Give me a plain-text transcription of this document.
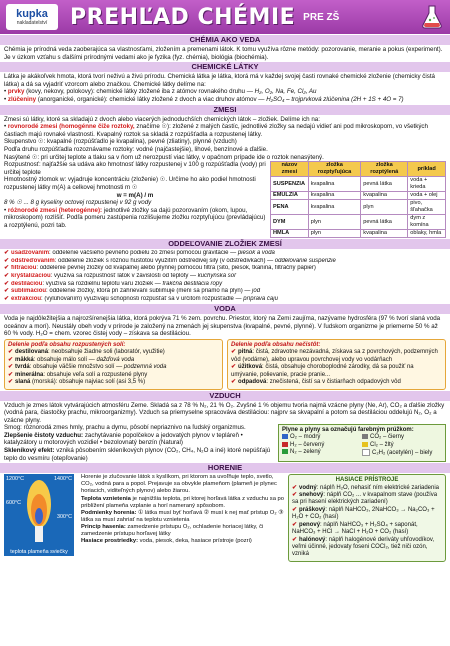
kupka
nakladatelství PREHĽAD CHÉMIE PRE ZŠ
CHÉMIA AKO VEDA

Chémia je prírodná veda zaoberajúca sa vlastnosťami, zložením a premenami látok. K tomu využíva rôzne metódy: pozorovanie, meranie a pokus (experiment). Je v úzkom vzťahu s ďalšími prírodnými vedami ako je fyzika (fyz. chémia), biológia (biochémia).

CHEMICKÉ LÁTKY

Látka je akákoľvek hmota, ktorá tvorí neživú a živú prírodu. Chemická látka je látka, ktorá má v každej svojej časti rovnaké chemické zloženie (chemicky čistá látka) a dá sa vyjadriť vzorcom alebo značkou. Chemické látky delíme na:

• prvky (kovy, nekovy, polokovy): chemické látky zložené iba z atómov rovnakého druhu — H₂, O₂, Na, Fe, Cl₂, Au

• zlúčeniny (anorganické, organické): chemické látky zložené z dvoch a viac druhov atómov — H₂SO₄ – trojprvková zlúčenina (2H + 1S + 4O = 7)

ZMESI

Zmesi sú látky, ktoré sa skladajú z dvoch alebo viacerých jednoduchších chemických látok – zložiek. Delíme ich na:

• rovnorodé zmesi (homogénne čiže roztoky, značíme ☉): zložené z malých častíc, jednotlivé zložky sa nedajú vidieť ani pod mikroskopom, vo všetkých častiach majú rovnaké vlastnosti. Kvapalný roztok sa skladá z rozpúšťadla a rozpustenej látky.

Skupenstvo ☉: kvapalné (rozpúšťadlo je kvapalina), pevné (zliatiny), plynné (vzduch)

Podľa druhu rozpúšťadla rozoznávame roztoky: vodné (najčastejšie), lihové, benzínové a ďalšie.

Nasýtené ☉: pri určitej teplote a tlaku sa v ňom už nerozpustí viac látky, v opačnom prípade ide o roztok nenasýtený.

Rozpustnosť: najťažšie sa udáva ako hmotnosť látky rozpustenej v 100 g rozpúšťadla (vody) pri určitej teplote

Hmotnostný zlomok w: vyjadruje koncentráciu (zloženie) ☉. Určíme ho ako podiel hmotnosti rozpustenej látky m(A) a celkovej hmotnosti m ☉

w = m(A) / m

8 % ☉ ... 8 g kyseliny octovej rozpustenej v 92 g vody

• różnorodé zmesi (heterogénne): jednotlivé zložky sa dajú pozorovaním (okom, lupou, mikroskopom) rozlíšiť. Podľa pomeru zastúpenia rozlišujeme zložku rozptyľujúcu (prevládajúcu) a rozptýlenú, pozri tab.

názov zmesi	zložka rozptyľujúca	zložka rozptýlená	príklad
SUSPENZIA	kvapalina	pevná látka	voda + krieda
EMULZIA	kvapalina	kvapalina	voda + olej
PENA	kvapalina	plyn	pivo, šľahačka
DYM	plyn	pevná látka	dym z komína
HMLA	plyn	kvapalina	oblaky, hmla
ODDEĽOVANIE ZLOŽIEK ZMESÍ
✔ usadzovaním: oddelenie väčšieho pevného podielu zo zmesi pomocou gravitácie — piesok a voda
✔ odstreďovaním: oddelenie zložiek s rôznou hustotou využitím odstredivej sily (v odstredivkách) — oddelovanie suspenzie
✔ filtráciou: oddelenie pevnej zložky od kvapalnej alebo plynnej pomocou filtra (sito, piesok, tkanina, filtračný papier)
✔ kryštalizáciou: využíva sa rozpustnosť látok v závislosti od teploty — kuchynská soľ
✔ destiláciou: využíva sa rozdielnu teplotu varu zložiek — frakčná destilácia ropy
✔ sublimáciou: oddelenie zložky, ktorá pri zahrievaní sublimuje (mení sa priamo na plyn) — jód
✔ extrakciou: (vylúhovaním) využívajú schopnosti rozpúšťať sa v určitom rozpúšťadle — príprava čaju
VODA

Voda je najdôležitejšia a najrozšírenejšia látka, ktorá pokrýva 71 % zem. povrchu. Priestor, ktorý na Zemi zaujíma, nazývame hydrosféra (97 % tvorí slaná voda oceánov a morí). Neustály obeh vody v prírode je založený na zmenách jej skupenstva (kvapalné, pevné, plynné). V ľudskom organizme je priemerne 50 % až 60 % vody. H₂O = chem. vzorec čistej vody – získava sa destiláciou.

Delenie podľa obsahu rozpustených solí:
✔ destilovaná: neobsahuje žiadne soli (laboratór, využitie)
✔ mäkká: obsahuje málo solí — dažďová voda
✔ tvrdá: obsahuje väčšie množstvo solí — podzemná voda
✔ minerálna: obsahuje veľa solí a rozpustené plyny
✔ slaná (morská): obsahuje najviac solí (asi 3,5 %)
Delenie podľa obsahu nečistôt:
✔ pitná: čistá, zdravotne nezávadná, získava sa z povrchových, podzemných vôd (vodárne), alebo upravou povrchovej vody vo vodárňach
✔ úžitková: čistá, obsahuje choroboplodné zárodky, dá sa použiť na umývanie, polievanie, pracie pranie...
✔ odpadová: znečistená, čistí sa v čistiarňach odpadových vôd
VZDUCH

Vzduch je zmes látok vytvárajúcich atmosféru Zeme. Skladá sa z 78 % N₂, 21 % O₂. Zvyšné 1 % objemu tvoria najmä vzácne plyny (Ne, Ar), CO₂ a ďalšie zložky (vodná para, čiastočky prachu, mikroorganizmy). Vzduch sa priemyselne spracováva destiláciou: najprv sa skvapalní a potom sa destiláciou oddelujú N₂, O₂ a vzácne plyny.

Smog: rôznorodá zmes hmly, prachu a dymu, pôsobí nepriaznivo na ľudský organizmus.

Zlepšenie čistoty vzduchu: zachytávanie popolčekov a jedovatých plynov v tepláreň • katalyzátory u motorových vozidiel • bezolovnatý benzín (Natural)

Skleníkový efekt: vzniká pôsobením skleníkových plynov (CO₂, CH₄, N₂O a iné) ktoré nepúšťajú teplo do vesmíru (otepľovanie)

Plyne a plyny sa označujú farebným prúžkom:
O₂ – modrý	CO₂ – čierny
H₂ – červený	Cl₂ – žltý
N₂ – zelený	C₂H₂ (acetylén) – biely
HORENIE
1200°C	1400°C
600°C
300°C
teplota plameňa sviečky

Horenie je zlučovanie látok s kyslíkom, pri ktorom sa uvoľňuje teplo, svetlo, CO₂, vodná para a popol. Prejavuje sa obvykle plameňom (plameň je plynec horiacich, viditeľných plynov) alebo žiarou.

Teplota vznietenia je najnižšia teplota, pri ktorej horľavá látka z vzduchu sa po priblížení plameňa vzplanie a horí nameraný spôsobom.

Podmienky horenia: ① látka musí byť horľavá ② musí k nej mať prístup O₂ ③ látka sa musí zahriať na teplotu vznietenia

Princíp hasenia: zamedzenie prístupu O₂, ochladenie horiacej látky, či zamedzenie prístupu horľavej látky

Hasiace prostriedky: voda, piesok, deka, hasiace prístroje (pozri)

HASIACE PRÍSTROJE
✔ vodný: náplň H₂O, nehasiť ním elektrické zariadenia
✔ snehový: náplň CO₂ ... v kvapalnom stave (používa sa pri hasení elektrických zariadení)
✔ práškový: náplň NaHCO₃, 2NaHCO₃ → Na₂CO₃ + H₂O + CO₂ (hasí)
✔ penový: náplň NaHCO₃ + H₂SO₄ + saponát, NaHCO₃ + HCl → NaCl + H₂O + CO₂ (hasí)
✔ halónový: náplň halogénové deriváty uhľovodíkov, veľmi účinné, jedovaty foseni COCl₂, tiež niči ozón, vzniká
